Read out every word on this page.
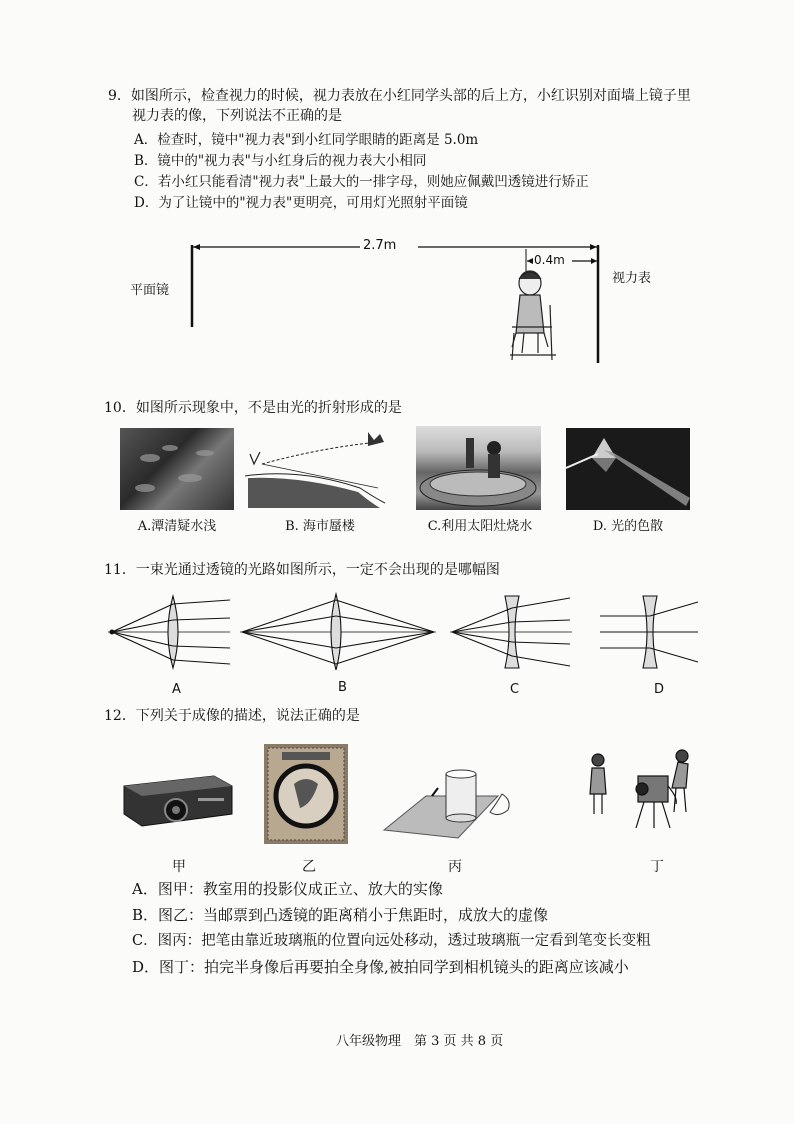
9．如图所示，检查视力的时候，视力表放在小红同学头部的后上方，小红识别对面墙上镜子里
视力表的像，下列说法不正确的是
A．检查时，镜中"视力表"到小红同学眼睛的距离是 5.0m
B．镜中的"视力表"与小红身后的视力表大小相同
C．若小红只能看清"视力表"上最大的一排字母，则她应佩戴凹透镜进行矫正
D．为了让镜中的"视力表"更明亮，可用灯光照射平面镜
平面镜
视力表
2.7m
0.4m
10．如图所示现象中，不是由光的折射形成的是
A.潭清疑水浅	B. 海市蜃楼	C.利用太阳灶烧水	D. 光的色散
11．一束光通过透镜的光路如图所示，一定不会出现的是哪幅图
A	B	C	D
12．下列关于成像的描述，说法正确的是
甲	乙	丙	丁
A．图甲：教室用的投影仪成正立、放大的实像
B．图乙：当邮票到凸透镜的距离稍小于焦距时，成放大的虚像
C．图丙：把笔由靠近玻璃瓶的位置向远处移动，透过玻璃瓶一定看到笔变长变粗
D．图丁：拍完半身像后再要拍全身像,被拍同学到相机镜头的距离应该减小
八年级物理　第 3 页 共 8 页
